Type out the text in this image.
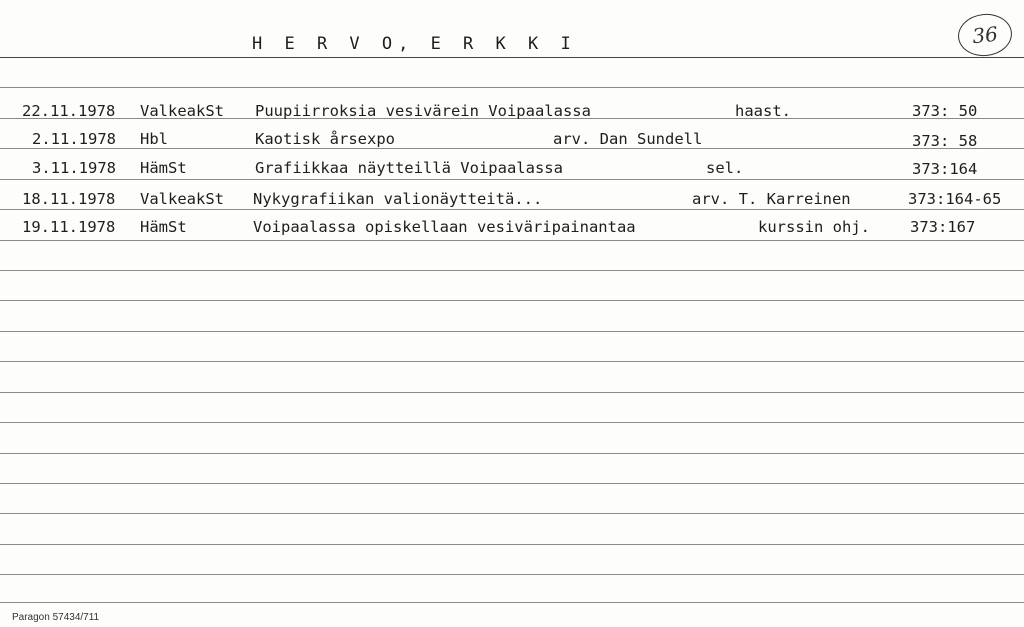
H E R V O, E R K K I	36
22.11.1978 ValkeakSt Puupiirroksia vesivärein Voipaalassa	haast.	373: 50
2.11.1978 Hbl	Kaotisk årsexpo	arv. Dan Sundell	373: 58
3.11.1978 HämSt	Grafiikkaa näytteillä Voipaalassa	sel.	373:164
18.11.1978 ValkeakSt Nykygrafiikan valionäytteitä...	arv. T. Karreinen	373:164-65
19.11.1978 HämSt	Voipaalassa opiskellaan vesiväripainantaa	kurssin ohj.	373:167
Paragon 57434/711
